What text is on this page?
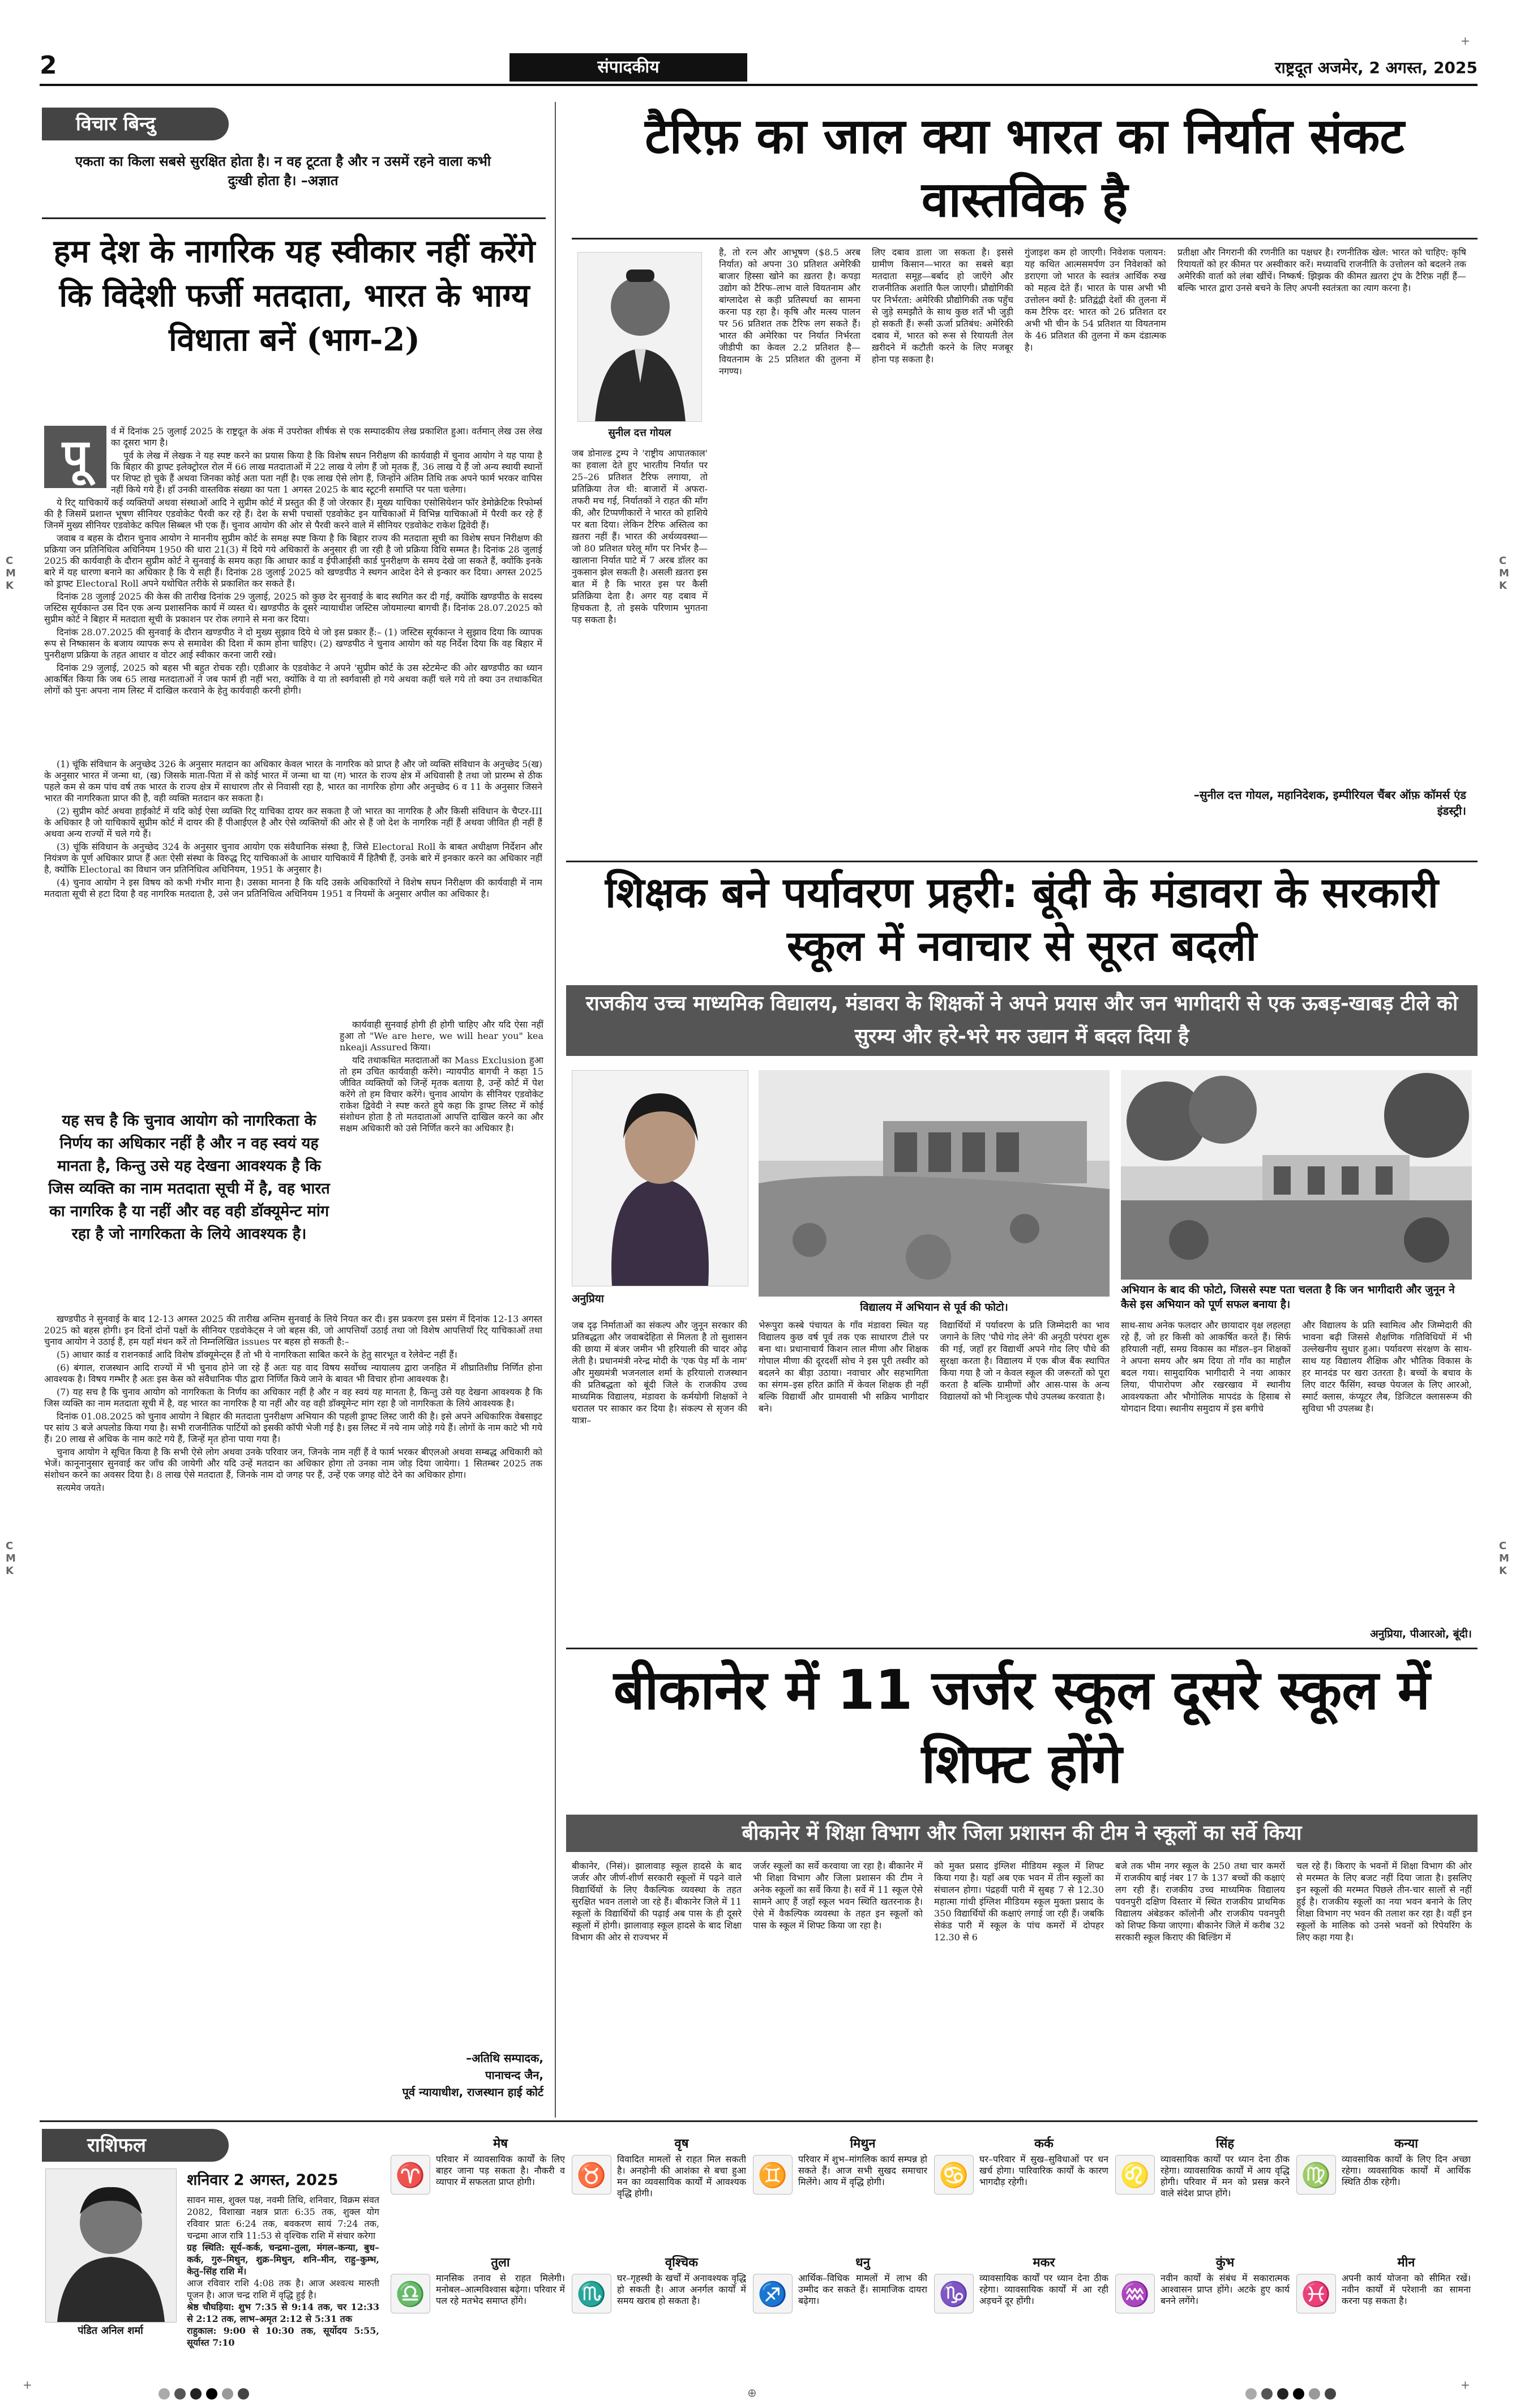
+
+
+
C
M
K
C
M
K
C
M
K
C
M
K
2	संपादकीय	राष्ट्रदूत अजमेर, 2 अगस्त, 2025
विचार बिन्दु
एकता का किला सबसे सुरक्षित होता है। न वह टूटता है और न उसमें रहने वाला कभी दुःखी होता है। –अज्ञात
हम देश के नागरिक यह स्वीकार नहीं करेंगे कि विदेशी फर्जी मतदाता, भारत के भाग्य विधाता बनें (भाग-2)
पू	र्व में दिनांक 25 जुलाई 2025 के राष्ट्रदूत के अंक में उपरोक्त शीर्षक से एक सम्पादकीय लेख प्रकाशित हुआ। वर्तमान् लेख उस लेख का दूसरा भाग है।

पूर्व के लेख में लेखक ने यह स्पष्ट करने का प्रयास किया है कि विशेष सघन निरीक्षण की कार्यवाही में चुनाव आयोग ने यह पाया है कि बिहार की ड्राफ्ट इलेक्ट्रोरल रोल में 66 लाख मतदाताओं में 22 लाख ये लोग हैं जो मृतक हैं, 36 लाख ये हैं जो अन्य स्थायी स्थानों पर शिफ्ट हो चुके हैं अथवा जिनका कोई अता पता नहीं है। एक लाख ऐसे लोग हैं, जिन्होंने अंतिम तिथि तक अपने फार्म भरकर वापिस नहीं किये गये हैं। हाँ उनकी वास्तविक संख्या का पता 1 अगस्त 2025 के बाद स्टूटनी समाप्ति पर पता चलेगा।

ये रिट् याचिकायें कई व्यक्तियों अथवा संस्थाओं आदि ने सुप्रीम कोर्ट में प्रस्तुत की हैं जो जेरकार हैं। मुख्य याचिका एसोसियेशन फॉर डेमोक्रेटिक रिफोर्म्स की है जिसमें प्रशान्त भूषण सीनियर एडवोकेट पैरवी कर रहे हैं। देश के सभी पचासों एडवोकेट इन याचिकाओं में विभिन्न याचिकाओं में पैरवी कर रहे हैं जिनमें मुख्य सीनियर एडवोकेट कपिल सिब्बल भी एक हैं। चुनाव आयोग की ओर से पैरवी करने वाले में सीनियर एडवोकेट राकेश द्विवेदी हैं।

जवाब व बहस के दौरान चुनाव आयोग ने माननीय सुप्रीम कोर्ट के समक्ष स्पष्ट किया है कि बिहार राज्य की मतदाता सूची का विशेष सघन निरीक्षण की प्रक्रिया जन प्रतिनिधित्व अधिनियम 1950 की धारा 21(3) में दिये गये अधिकारों के अनुसार ही जा रही है जो प्रक्रिया विधि सम्मत है। दिनांक 28 जुलाई 2025 की कार्यवाही के दौरान सुप्रीम कोर्ट ने सुनवाई के समय कहा कि आधार कार्ड व ईपीआईसी कार्ड पुनरीक्षण के समय देखे जा सकते हैं, क्योंकि इनके बारे में यह धारणा बनाने का अधिकार है कि ये सही हैं। दिनांक 28 जुलाई 2025 को खण्डपीठ ने स्थगन आदेश देने से इन्कार कर दिया। अगस्त 2025 को ड्राफ्ट Electoral Roll अपने यथोचित तरीके से प्रकाशित कर सकते हैं।

दिनांक 28 जुलाई 2025 की केस की तारीख दिनांक 29 जुलाई, 2025 को कुछ देर सुनवाई के बाद स्थगित कर दी गई, क्योंकि खण्डपीठ के सदस्य जस्टिस सूर्यकान्त उस दिन एक अन्य प्रशासनिक कार्य में व्यस्त थे। खण्डपीठ के दूसरे न्यायाधीश जस्टिस जोयमाल्या बागची हैं। दिनांक 28.07.2025 को सुप्रीम कोर्ट ने बिहार में मतदाता सूची के प्रकाशन पर रोक लगाने से मना कर दिया।

दिनांक 28.07.2025 की सुनवाई के दौरान खण्डपीठ ने दो मुख्य सुझाव दिये थे जो इस प्रकार हैं:– (1) जस्टिस सूर्यकान्त ने सुझाव दिया कि व्यापक रूप से निष्कासन के बजाय व्यापक रूप से समावेश की दिशा में काम होना चाहिए। (2) खण्डपीठ ने चुनाव आयोग को यह निर्देश दिया कि वह बिहार में पुनरीक्षण प्रक्रिया के तहत आधार व वोटर आई स्वीकार करना जारी रखे।

दिनांक 29 जुलाई, 2025 को बहस भी बहुत रोचक रही। एडीआर के एडवोकेट ने अपने 'सुप्रीम कोर्ट के उस स्टेटमेन्ट की ओर खण्डपीठ का ध्यान आकर्षित किया कि जब 65 लाख मतदाताओं ने जब फार्म ही नहीं भरा, क्योंकि वे या तो स्वर्गवासी हो गये अथवा कहीं चले गये तो क्या उन तथाकथित लोगों को पुनः अपना नाम लिस्ट में दाखिल करवाने के हेतु कार्यवाही करनी होगी।

यह सच है कि चुनाव आयोग को नागरिकता के निर्णय का अधिकार नहीं है और न वह स्वयं यह मानता है, किन्तु उसे यह देखना आवश्यक है कि जिस व्यक्ति का नाम मतदाता सूची में है, वह भारत का नागरिक है या नहीं और वह वही डॉक्यूमेन्ट मांग रहा है जो नागरिकता के लिये आवश्यक है।

कार्यवाही सुनवाई होगी ही होगी चाहिए और यदि ऐसा नहीं हुआ तो "We are here, we will hear you" kea​nkeaji Assured किया।

यदि तथाकथित मतदाताओं का Mass Exclusion हुआ तो हम उचित कार्यवाही करेंगे। न्यायपीठ बागची ने कहा 15 जीवित व्यक्तियों को जिन्हें मृतक बताया है, उन्हें कोर्ट में पेश करेंगे तो हम विचार करेंगे। चुनाव आयोग के सीनियर एडवोकेट राकेश द्विवेदी ने स्पष्ट करते हुये कहा कि ड्राफ्ट लिस्ट में कोई संशोधन होता है तो मतदाताओं आपत्ति दाखिल करने का और सक्षम अधिकारी को उसे निर्णित करने का अधिकार है।

(1) चूंकि संविधान के अनुच्छेद 326 के अनुसार मतदान का अधिकार केवल भारत के नागरिक को प्राप्त है और जो व्यक्ति संविधान के अनुच्छेद 5(ख) के अनुसार भारत में जन्मा था, (ख) जिसके माता-पिता में से कोई भारत में जन्मा था या (ग) भारत के राज्य क्षेत्र में अधिवासी है तथा जो प्रारम्भ से ठीक पहले कम से कम पांच वर्ष तक भारत के राज्य क्षेत्र में साधारण तौर से निवासी रहा है, भारत का नागरिक होगा और अनुच्छेद 6 व 11 के अनुसार जिसने भारत की नागरिकता प्राप्त की है, वही व्यक्ति मतदान कर सकता है।

(2) सुप्रीम कोर्ट अथवा हाईकोर्ट में यदि कोई ऐसा व्यक्ति रिट् याचिका दायर कर सकता है जो भारत का नागरिक है और किसी संविधान के चैप्टर-III के अधिकार है जो याचिकायें सुप्रीम कोर्ट में दायर की हैं पीआईएल है और ऐसे व्यक्तियों की ओर से हैं जो देश के नागरिक नहीं हैं अथवा जीवित ही नहीं हैं अथवा अन्य राज्यों में चले गये हैं।

(3) चूंकि संविधान के अनुच्छेद 324 के अनुसार चुनाव आयोग एक संवैधानिक संस्था है, जिसे Electoral Roll के बाबत अधीक्षण निर्देशन और नियंत्रण के पूर्ण अधिकार प्राप्त हैं अतः ऐसी संस्था के विरुद्ध रिट् याचिकाओं के आधार याचिकायें मैं हितैषी हैं, उनके बारे में इनकार करने का अधिकार नहीं है, क्योंकि Electoral का विधान जन प्रतिनिधित्व अधिनियम, 1951 के अनुसार है।

(4) चुनाव आयोग ने इस विषय को कभी गंभीर माना है। उसका मानना है कि यदि उसके अधिकारियों ने विशेष सघन निरीक्षण की कार्यवाही में नाम मतदाता सूची से हटा दिया है वह नागरिक मतदाता है, उसे जन प्रतिनिधित्व अधिनियम 1951 व नियमों के अनुसार अपील का अधिकार है।

खण्डपीठ ने सुनवाई के बाद 12-13 अगस्त 2025 की तारीख अन्तिम सुनवाई के लिये नियत कर दी। इस प्रकरण इस प्रसंग में दिनांक 12-13 अगस्त 2025 को बहस होगी। इन दिनों दोनों पक्षों के सीनियर एडवोकेट्स ने जो बहस की, जो आपत्तियाँ उठाई तथा जो विशेष आपत्तियाँ रिट् याचिकाओं तथा चुनाव आयोग ने उठाई हैं, हम यहाँ मंथन करें तो निम्नलिखित issues पर बहस हो सकती है:–

(5) आधार कार्ड व राशनकार्ड आदि विशेष डॉक्यूमेन्ट्स हैं तो भी ये नागरिकता साबित करने के हेतु सारभूत व रेलेवेन्ट नहीं हैं।

(6) बंगाल, राजस्थान आदि राज्यों में भी चुनाव होने जा रहे हैं अतः यह वाद विषय सर्वोच्च न्यायालय द्वारा जनहित में शीघ्रातिशीघ्र निर्णित होना आवश्यक है। विषय गम्भीर है अतः इस केस को संवैधानिक पीठ द्वारा निर्णित किये जाने के बावत भी विचार होना आवश्यक है।

(7) यह सच है कि चुनाव आयोग को नागरिकता के निर्णय का अधिकार नहीं है और न वह स्वयं यह मानता है, किन्तु उसे यह देखना आवश्यक है कि जिस व्यक्ति का नाम मतदाता सूची में है, वह भारत का नागरिक है या नहीं और वह वही डॉक्यूमेन्ट मांग रहा है जो नागरिकता के लिये आवश्यक है।

दिनांक 01.08.2025 को चुनाव आयोग ने बिहार की मतदाता पुनरीक्षण अभियान की पहली ड्राफ्ट लिस्ट जारी की है। इसे अपने अधिकारिक वेबसाइट पर सांय 3 बजे अपलोड किया गया है। सभी राजनीतिक पार्टियों को इसकी कॉपी भेजी गई है। इस लिस्ट में नये नाम जोड़े गये हैं। लोगों के नाम काटे भी गये हैं। 20 लाख से अधिक के नाम काटे गये हैं, जिन्हें मृत होना पाया गया है।

चुनाव आयोग ने सूचित किया है कि सभी ऐसे लोग अथवा उनके परिवार जन, जिनके नाम नहीं हैं वे फार्म भरकर बीएलओ अथवा सम्बद्ध अधिकारी को भेजें। कानूनानुसार सुनवाई कर जाँच की जायेगी और यदि उन्हें मतदान का अधिकार होगा तो उनका नाम जोड़ दिया जायेगा। 1 सितम्बर 2025 तक संशोधन करने का अवसर दिया है। 8 लाख ऐसे मतदाता हैं, जिनके नाम दो जगह पर हैं, उन्हें एक जगह वोटे देने का अधिकार होगा।

सत्यमेव जयते।

–अतिथि सम्पादक,
पानाचन्द जैन,
पूर्व न्यायाधीश, राजस्थान हाई कोर्ट
टैरिफ़ का जाल क्या भारत का निर्यात संकट वास्तविक है
सुनील दत्त गोयल
जब डोनाल्ड ट्रम्प ने 'राष्ट्रीय आपातकाल' का हवाला देते हुए भारतीय निर्यात पर 25–26 प्रतिशत टैरिफ लगाया, तो प्रतिक्रिया तेज थी: बाजारों में अफरा-तफरी मच गई, निर्यातकों ने राहत की माँग की, और टिप्पणीकारों ने भारत को हाशिये पर बता दिया। लेकिन टैरिफ अस्तित्व का ख़तरा नहीं हैं। भारत की अर्थव्यवस्था—जो 80 प्रतिशत घरेलू माँग पर निर्भर है—खालाना निर्यात घाटे में 7 अरब डॉलर का नुकसान झेल सकती है। असली ख़तरा इस बात में है कि भारत इस पर कैसी प्रतिक्रिया देता है। अगर यह दबाव में हिचकता है, तो इसके परिणाम भुगतना पड़ सकता है।
है, तो रत्न और आभूषण ($8.5 अरब निर्यात) को अपना 30 प्रतिशत अमेरिकी बाजार हिस्सा खोने का ख़तरा है। कपड़ा उद्योग को टैरिफ–लाभ वाले वियतनाम और बांग्लादेश से कड़ी प्रतिस्पर्धा का सामना करना पड़ रहा है। कृषि और मत्स्य पालन पर 56 प्रतिशत तक टैरिफ लग सकते हैं। भारत की अमेरिका पर निर्यात निर्भरता जीडीपी का केवल 2.2 प्रतिशत है—वियतनाम के 25 प्रतिशत की तुलना में नगण्य।
लिए दबाव डाला जा सकता है। इससे ग्रामीण किसान—भारत का सबसे बड़ा मतदाता समूह—बर्बाद हो जाएँगे और राजनीतिक अशांति फैल जाएगी। प्रौद्योगिकी पर निर्भरता: अमेरिकी प्रौद्योगिकी तक पहुँच से जुड़े समझौते के साथ कुछ शर्तें भी जुड़ी हो सकती हैं। रूसी ऊर्जा प्रतिबंध: अमेरिकी दबाव में, भारत को रूस से रियायती तेल ख़रीदने में कटौती करने के लिए मजबूर होना पड़ सकता है।
गुंजाइश कम हो जाएगी। निवेशक पलायन: यह कथित आत्मसमर्पण उन निवेशकों को डराएगा जो भारत के स्वतंत्र आर्थिक रुख को महत्व देते हैं। भारत के पास अभी भी उत्तोलन क्यों है: प्रतिद्वंद्वी देशों की तुलना में कम टैरिफ दर: भारत को 26 प्रतिशत दर अभी भी चीन के 54 प्रतिशत या वियतनाम के 46 प्रतिशत की तुलना में कम दंडात्मक है।
प्रतीक्षा और निगरानी की रणनीति का पक्षधर है। रणनीतिक खेल: भारत को चाहिए: कृषि रियायतों को हर कीमत पर अस्वीकार करें। मध्यावधि राजनीति के उत्तोलन को बदलने तक अमेरिकी वार्ता को लंबा खींचें। निष्कर्ष: झिझक की कीमत ख़तरा ट्रंप के टैरिफ़ नहीं हैं—बल्कि भारत द्वारा उनसे बचने के लिए अपनी स्वतंत्रता का त्याग करना है।
–सुनील दत्त गोयल, महानिदेशक, इम्पीरियल चैंबर ऑफ़ कॉमर्स एंड इंडस्ट्री।
शिक्षक बने पर्यावरण प्रहरी: बूंदी के मंडावरा के सरकारी स्कूल में नवाचार से सूरत बदली
राजकीय उच्च माध्यमिक विद्यालय, मंडावरा के शिक्षकों ने अपने प्रयास और जन भागीदारी से एक ऊबड़-खाबड़ टीले को सुरम्य और हरे-भरे मरु उद्यान में बदल दिया है
अनुप्रिया
विद्यालय में अभियान से पूर्व की फोटो।
अभियान के बाद की फोटो, जिससे स्पष्ट पता चलता है कि जन भागीदारी और जुनून ने कैसे इस अभियान को पूर्ण सफल बनाया है।
जब दृढ़ निर्माताओं का संकल्प और जुनून सरकार की प्रतिबद्धता और जवाबदेहिता से मिलता है तो सुशासन की छाया में बंजर जमीन भी हरियाली की चादर ओढ़ लेती है। प्रधानमंत्री नरेन्द्र मोदी के 'एक पेड़ माँ के नाम' और मुख्यमंत्री भजनलाल शर्मा के हरियालो राजस्थान की प्रतिबद्धता को बूंदी जिले के राजकीय उच्च माध्यमिक विद्यालय, मंडावरा के कर्मयोगी शिक्षकों ने धरातल पर साकार कर दिया है। संकल्प से सृजन की यात्रा–
भेरूपुरा कस्बे पंचायत के गाँव मंडावरा स्थित यह विद्यालय कुछ वर्ष पूर्व तक एक साधारण टीले पर बना था। प्रधानाचार्य किशन लाल मीणा और शिक्षक गोपाल मीणा की दूरदर्शी सोच ने इस पूरी तस्वीर को बदलने का बीड़ा उठाया। नवाचार और सहभागिता का संगम–इस हरित क्रांति में केवल शिक्षक ही नहीं बल्कि विद्यार्थी और ग्रामवासी भी सक्रिय भागीदार बने।
विद्यार्थियों में पर्यावरण के प्रति जिम्मेदारी का भाव जगाने के लिए 'पौधे गोद लेने' की अनूठी परंपरा शुरू की गई, जहाँ हर विद्यार्थी अपने गोद लिए पौधे की सुरक्षा करता है। विद्यालय में एक बीज बैंक स्थापित किया गया है जो न केवल स्कूल की जरूरतों को पूरा करता है बल्कि ग्रामीणों और आस-पास के अन्य विद्यालयों को भी निःशुल्क पौधे उपलब्ध करवाता है।
साथ-साथ अनेक फलदार और छायादार वृक्ष लहलहा रहे हैं, जो हर किसी को आकर्षित करते हैं। सिर्फ हरियाली नहीं, समग्र विकास का मॉडल–इन शिक्षकों ने अपना समय और श्रम दिया तो गाँव का माहौल बदल गया। सामुदायिक भागीदारी ने नया आकार लिया, पीपारोपण और रखरखाव में स्थानीय आवश्यकता और भौगोलिक मापदंड के हिसाब से योगदान दिया। स्थानीय समुदाय में इस बगीचे
और विद्यालय के प्रति स्वामित्व और जिम्मेदारी की भावना बढ़ी जिससे शैक्षणिक गतिविधियों में भी उल्लेखनीय सुधार हुआ। पर्यावरण संरक्षण के साथ-साथ यह विद्यालय शैक्षिक और भौतिक विकास के हर मानदंड पर खरा उतरता है। बच्चों के बचाव के लिए वाटर फैंसिंग, स्वच्छ पेयजल के लिए आरओ, स्मार्ट क्लास, कंप्यूटर लैब, डिजिटल क्लासरूम की सुविधा भी उपलब्ध है।
अनुप्रिया, पीआरओ, बूंदी।
बीकानेर में 11 जर्जर स्कूल दूसरे स्कूल में शिफ्ट होंगे
बीकानेर में शिक्षा विभाग और जिला प्रशासन की टीम ने स्कूलों का सर्वे किया
बीकानेर, (निसं)। झालावाड़ स्कूल हादसे के बाद जर्जर और जीर्ण-शीर्ण सरकारी स्कूलों में पढ़ने वाले विद्यार्थियों के लिए वैकल्पिक व्यवस्था के तहत सुरक्षित भवन तलाशे जा रहे हैं। बीकानेर जिले में 11 स्कूलों के विद्यार्थियों की पढ़ाई अब पास के ही दूसरे स्कूलों में होगी। झालावाड़ स्कूल हादसे के बाद शिक्षा विभाग की ओर से राज्यभर में
जर्जर स्कूलों का सर्वे करवाया जा रहा है। बीकानेर में भी शिक्षा विभाग और जिला प्रशासन की टीम ने अनेक स्कूलों का सर्वे किया है। सर्वे में 11 स्कूल ऐसे सामने आए हैं जहाँ स्कूल भवन स्थिति खतरनाक है। ऐसे में वैकल्पिक व्यवस्था के तहत इन स्कूलों को पास के स्कूल में शिफ्ट किया जा रहा है।
को मुक्त प्रसाद इंग्लिश मीडियम स्कूल में शिफ्ट किया गया है। यहाँ अब एक भवन में तीन स्कूलों का संचालन होगा। पंद्रहवीं पारी में सुबह 7 से 12.30 महात्मा गांधी इंग्लिश मीडियम स्कूल मुक्ता प्रसाद के 350 विद्यार्थियों की कक्षाएं लगाई जा रही हैं। जबकि सेकंड पारी में स्कूल के पांच कमरों में दोपहर 12.30 से 6
बजे तक भीम नगर स्कूल के 250 तथा चार कमरों में राजकीय बाई नंबर 17 के 137 बच्चों की कक्षाएं लग रही हैं। राजकीय उच्च माध्यमिक विद्यालय पवनपुरी दक्षिण विस्तार में स्थित राजकीय प्राथमिक विद्यालय अंबेडकर कॉलोनी और राजकीय पवनपुरी को शिफ्ट किया जाएगा। बीकानेर जिले में करीब 32 सरकारी स्कूल किराए की बिल्डिंग में
चल रहे हैं। किराए के भवनों में शिक्षा विभाग की ओर से मरम्मत के लिए बजट नहीं दिया जाता है। इसलिए इन स्कूलों की मरम्मत पिछले तीन-चार सालों से नहीं हुई है। राजकीय स्कूलों का नया भवन बनाने के लिए शिक्षा विभाग नए भवन की तलाश कर रहा है। वहीं इन स्कूलों के मालिक को उनसे भवनों को रिपेयरिंग के लिए कहा गया है।
राशिफल
पंडित अनिल शर्मा
शनिवार 2 अगस्त, 2025
सावन मास, शुक्ल पक्ष, नवमी तिथि, शनिवार, विक्रम संवत 2082, विशाखा नक्षत्र प्रातः 6:35 तक, शुक्ल योग रविवार प्रातः 6:24 तक, बवकरण सायं 7:24 तक, चन्द्रमा आज रात्रि 11:53 से वृश्चिक राशि में संचार करेगा
ग्रह स्थिति: सूर्य–कर्क, चन्द्रमा–तुला, मंगल–कन्या, बुध–कर्क, गुरु–मिथुन, शुक्र–मिथुन, शनि–मीन, राहु–कुम्भ, केतु–सिंह राशि में।
आज रविवार राशि 4:08 तक है। आज अश्वत्थ मारुती पूजन है। आज चन्द्र राशि में वृद्धि हुई है।
श्रेष्ठ चौघड़िया: शुभ 7:35 से 9:14 तक, चर 12:33 से 2:12 तक, लाभ–अमृत 2:12 से 5:31 तक
राहुकाल: 9:00 से 10:30 तक, सूर्योदय 5:55, सूर्यास्त 7:10
♈
मेष
परिवार में व्यावसायिक कार्यों के लिए बाहर जाना पड़ सकता है। नौकरी व व्यापार में सफलता प्राप्त होगी।	♉
वृष
विवादित मामलों से राहत मिल सकती है। अनहोनी की आशंका से बचा हुआ मन का व्यवसायिक कार्यों में आवश्यक वृद्धि होगी।
♊
मिथुन
परिवार में शुभ–मांगलिक कार्य सम्पन्न हो सकते हैं। आज सभी सुखद समाचार मिलेंगे। आय में वृद्धि होगी।	♋
कर्क
घर–परिवार में सुख–सुविधाओं पर धन खर्च होगा। पारिवारिक कार्यों के कारण भागदौड़ रहेगी।	♌
सिंह
व्यावसायिक कार्यों पर ध्यान देना ठीक रहेगा। व्यावसायिक कार्यों में आय वृद्धि होगी। परिवार में मन को प्रसन्न करने वाले संदेश प्राप्त होंगे।
♍
कन्या
व्यावसायिक कार्यों के लिए दिन अच्छा रहेगा। व्यवसायिक कार्यों में आर्थिक स्थिति ठीक रहेगी।
♎
तुला
मानसिक तनाव से राहत मिलेगी। मनोबल–आत्मविश्वास बढ़ेगा। परिवार में पल रहे मतभेद समाप्त होंगे।	♏
वृश्चिक
घर–गृहस्थी के खर्चों में अनावश्यक वृद्धि हो सकती है। आज अनर्गल कार्यों में समय खराब हो सकता है।	♐
धनु
आर्थिक–विधिक मामलों में लाभ की उम्मीद कर सकते हैं। सामाजिक दायरा बढ़ेगा।	♑
मकर
व्यावसायिक कार्यों पर ध्यान देना ठीक रहेगा। व्यावसायिक कार्यों में आ रही अड़चनें दूर होंगी।	♒
कुंभ
नवीन कार्यों के संबंध में सकारात्मक आश्वासन प्राप्त होंगे। अटके हुए कार्य बनने लगेंगे।	♓
मीन
अपनी कार्य योजना को सीमित रखें। नवीन कार्यों में परेशानी का सामना करना पड़ सकता है।
⊕
